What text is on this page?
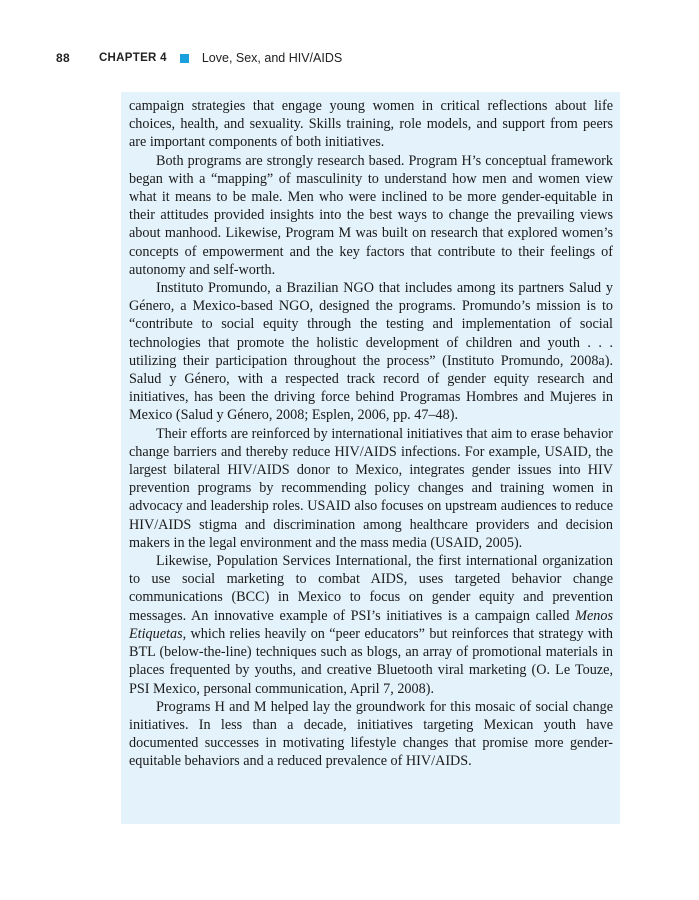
88	CHAPTER 4	Love, Sex, and HIV/AIDS

campaign strategies that engage young women in critical reflections about life choices, health, and sexuality. Skills training, role models, and support from peers are important components of both initiatives.

Both programs are strongly research based. Program H’s conceptual framework began with a “mapping” of masculinity to understand how men and women view what it means to be male. Men who were inclined to be more gender-equitable in their attitudes provided insights into the best ways to change the prevailing views about manhood. Likewise, Program M was built on research that explored women’s concepts of empowerment and the key factors that contribute to their feelings of autonomy and self-worth.

Instituto Promundo, a Brazilian NGO that includes among its partners Salud y Género, a Mexico-based NGO, designed the programs. Promundo’s mission is to “contribute to social equity through the testing and implementation of social technologies that promote the holistic development of children and youth . . . utilizing their participation throughout the process” (Instituto Promundo, 2008a). Salud y Género, with a respected track record of gender equity research and initiatives, has been the driving force behind Programas Hombres and Mujeres in Mexico (Salud y Género, 2008; Esplen, 2006, pp. 47–48).

Their efforts are reinforced by international initiatives that aim to erase behavior change barriers and thereby reduce HIV/AIDS infections. For example, USAID, the largest bilateral HIV/AIDS donor to Mexico, integrates gender issues into HIV prevention programs by recommending policy changes and training women in advocacy and leadership roles. USAID also focuses on upstream audiences to reduce HIV/AIDS stigma and discrimination among healthcare providers and decision makers in the legal environment and the mass media (USAID, 2005).

Likewise, Population Services International, the first international organization to use social marketing to combat AIDS, uses targeted behavior change communications (BCC) in Mexico to focus on gender equity and prevention messages. An innovative example of PSI’s initiatives is a campaign called Menos Etiquetas, which relies heavily on “peer educators” but reinforces that strategy with BTL (below-the-line) techniques such as blogs, an array of promotional materials in places frequented by youths, and creative Bluetooth viral marketing (O. Le Touze, PSI Mexico, personal communication, April 7, 2008).

Programs H and M helped lay the groundwork for this mosaic of social change initiatives. In less than a decade, initiatives targeting Mexican youth have documented successes in motivating lifestyle changes that promise more gender-equitable behaviors and a reduced prevalence of HIV/AIDS.
